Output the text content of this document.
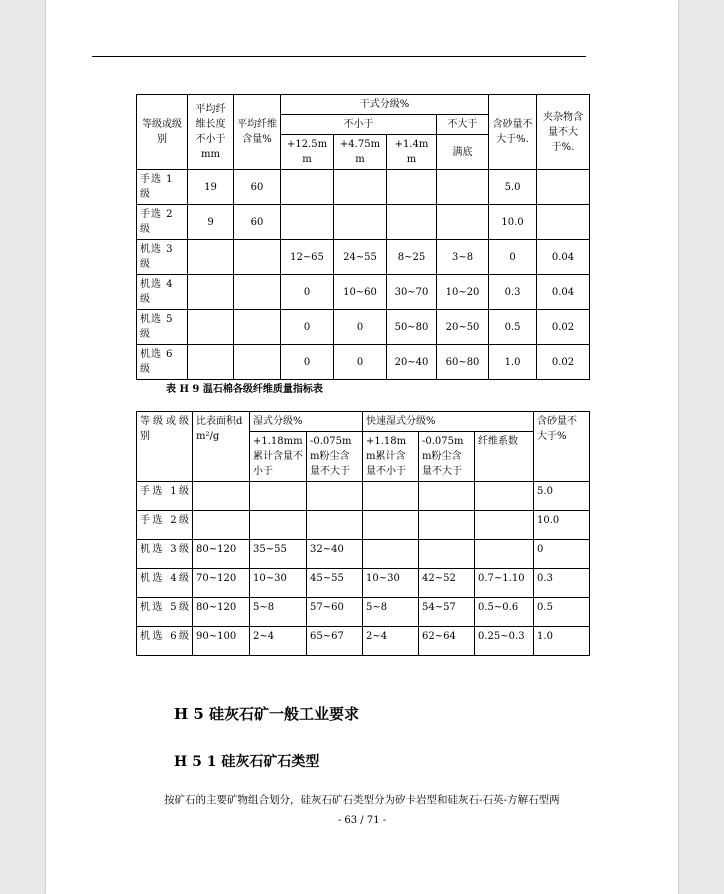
等级或级别	平均纤维长度不小于mm	平均纤维含量%	干式分级%				含砂量不大于%.	夹杂物含量不大于%.
			不小于			不大于		
			+12.5mm	+4.75mm	+1.4mm	满底		
手选 1级	19	60					5.0	
手选 2级	9	60					10.0	
机选 3级			12~65	24~55	8~25	3~8	0	0.04
机选 4级			0	10~60	30~70	10~20	0.3	0.04
机选 5级			0	0	50~80	20~50	0.5	0.02
机选 6级			0	0	20~40	60~80	1.0	0.02
表 H 9 温石棉各级纤维质量指标表
等级或级别	比表面积dm²/g	湿式分级%		快速湿式分级%			含砂量不大于%
		+1.18mm累计含量不小于	-0.075mm粉尘含量不大于	+1.18mm累计含量不小于	-0.075mm粉尘含量不大于	纤维系数	
手选 1级							5.0
手选 2级							10.0
机选 3级	80~120	35~55	32~40				0
机选 4级	70~120	10~30	45~55	10~30	42~52	0.7~1.10	0.3
机选 5级	80~120	5~8	57~60	5~8	54~57	0.5~0.6	0.5
机选 6级	90~100	2~4	65~67	2~4	62~64	0.25~0.3	1.0
H 5 硅灰石矿一般工业要求
H 5 1 硅灰石矿石类型
按矿石的主要矿物组合划分，硅灰石矿石类型分为矽卡岩型和硅灰石-石英-方解石型两
- 63 / 71 -
